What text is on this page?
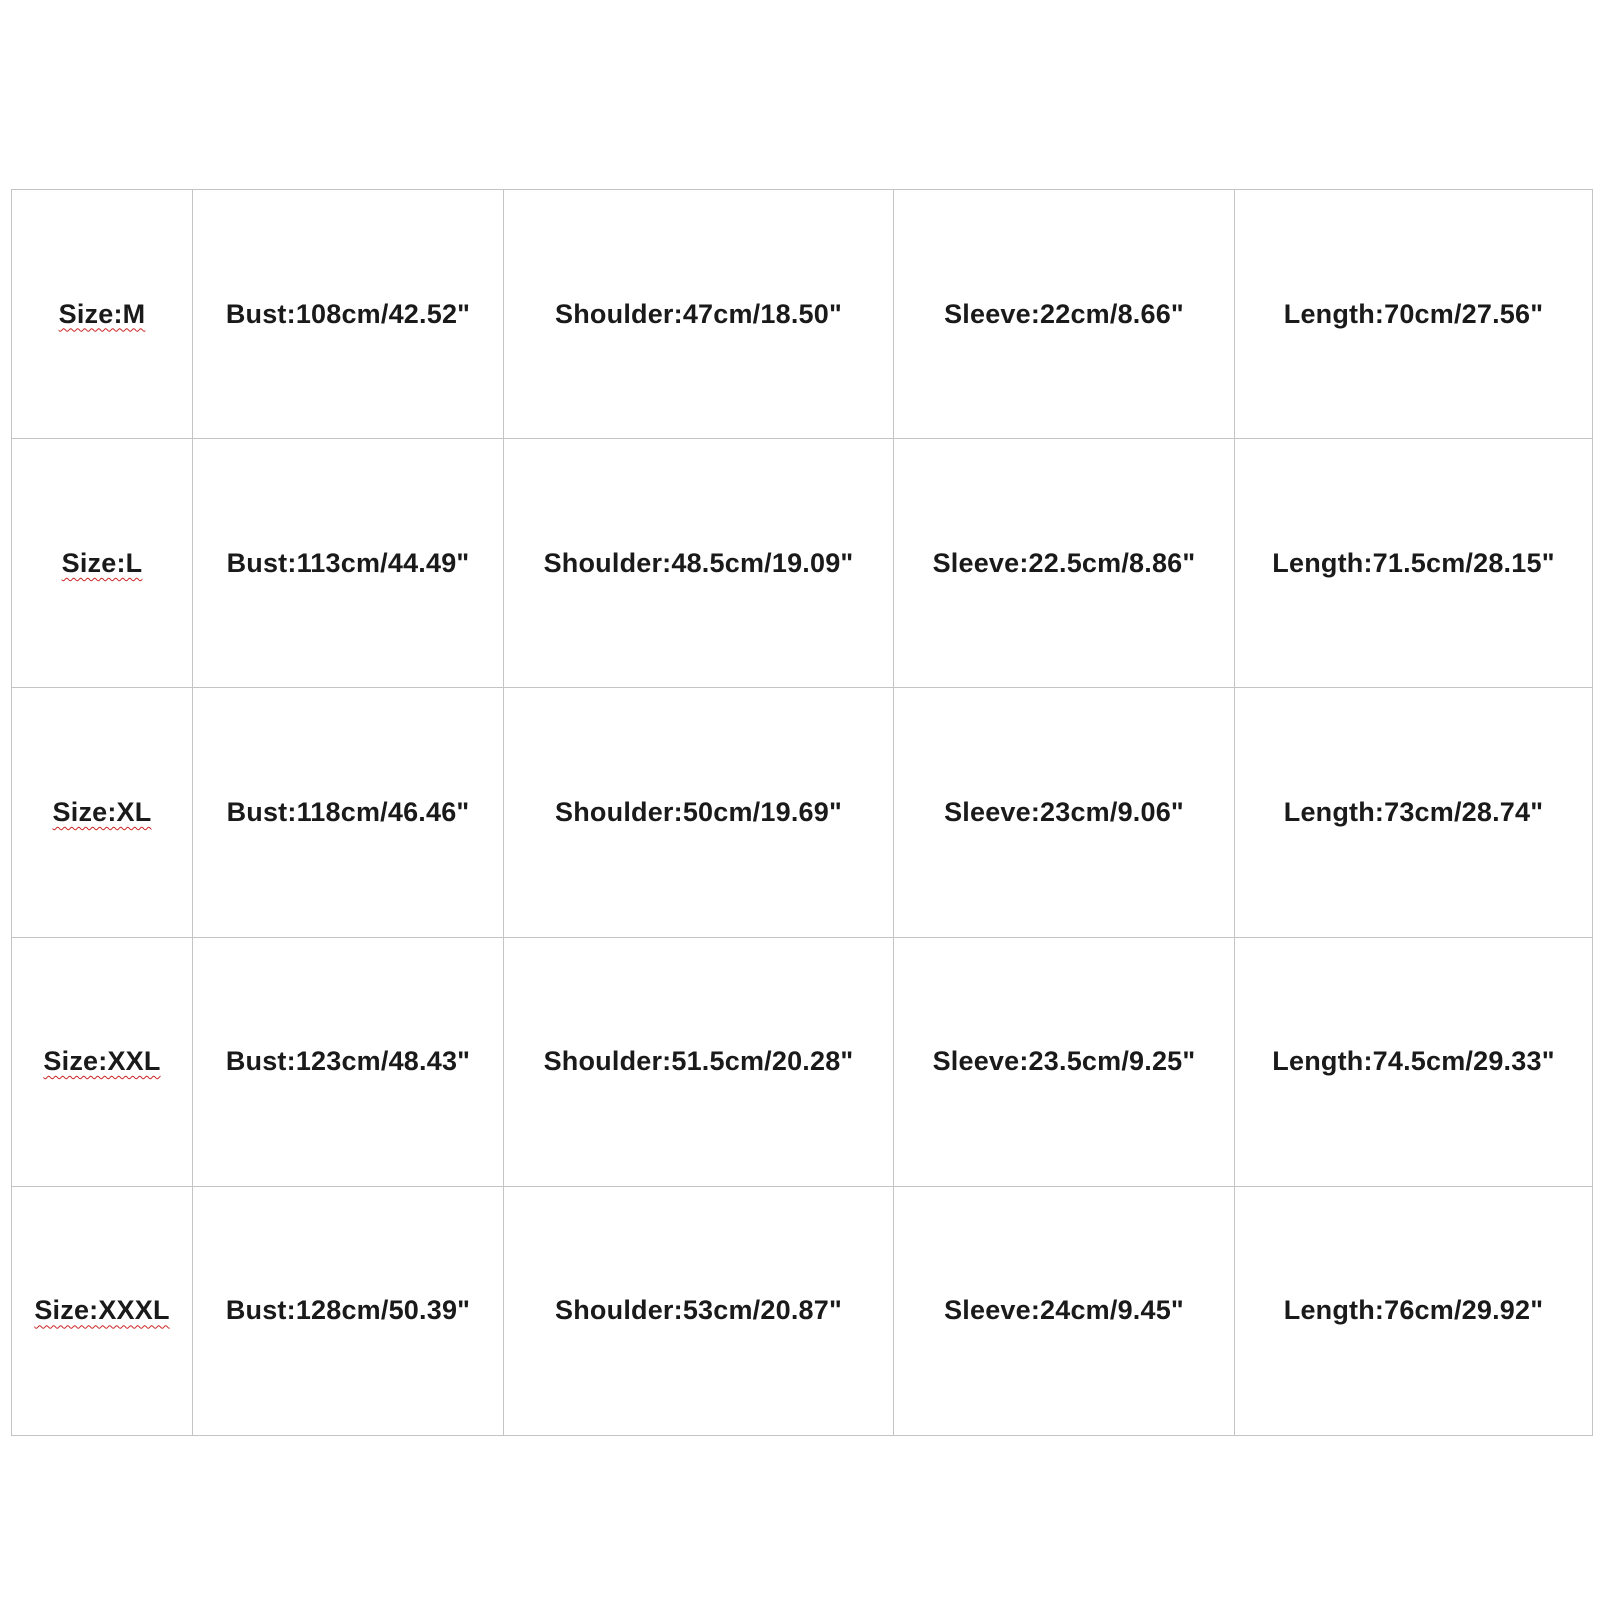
Size:M	Bust:108cm/42.52"	Shoulder:47cm/18.50"	Sleeve:22cm/8.66"	Length:70cm/27.56"
Size:L	Bust:113cm/44.49"	Shoulder:48.5cm/19.09"	Sleeve:22.5cm/8.86"	Length:71.5cm/28.15"
Size:XL	Bust:118cm/46.46"	Shoulder:50cm/19.69"	Sleeve:23cm/9.06"	Length:73cm/28.74"
Size:XXL	Bust:123cm/48.43"	Shoulder:51.5cm/20.28"	Sleeve:23.5cm/9.25"	Length:74.5cm/29.33"
Size:XXXL	Bust:128cm/50.39"	Shoulder:53cm/20.87"	Sleeve:24cm/9.45"	Length:76cm/29.92"
